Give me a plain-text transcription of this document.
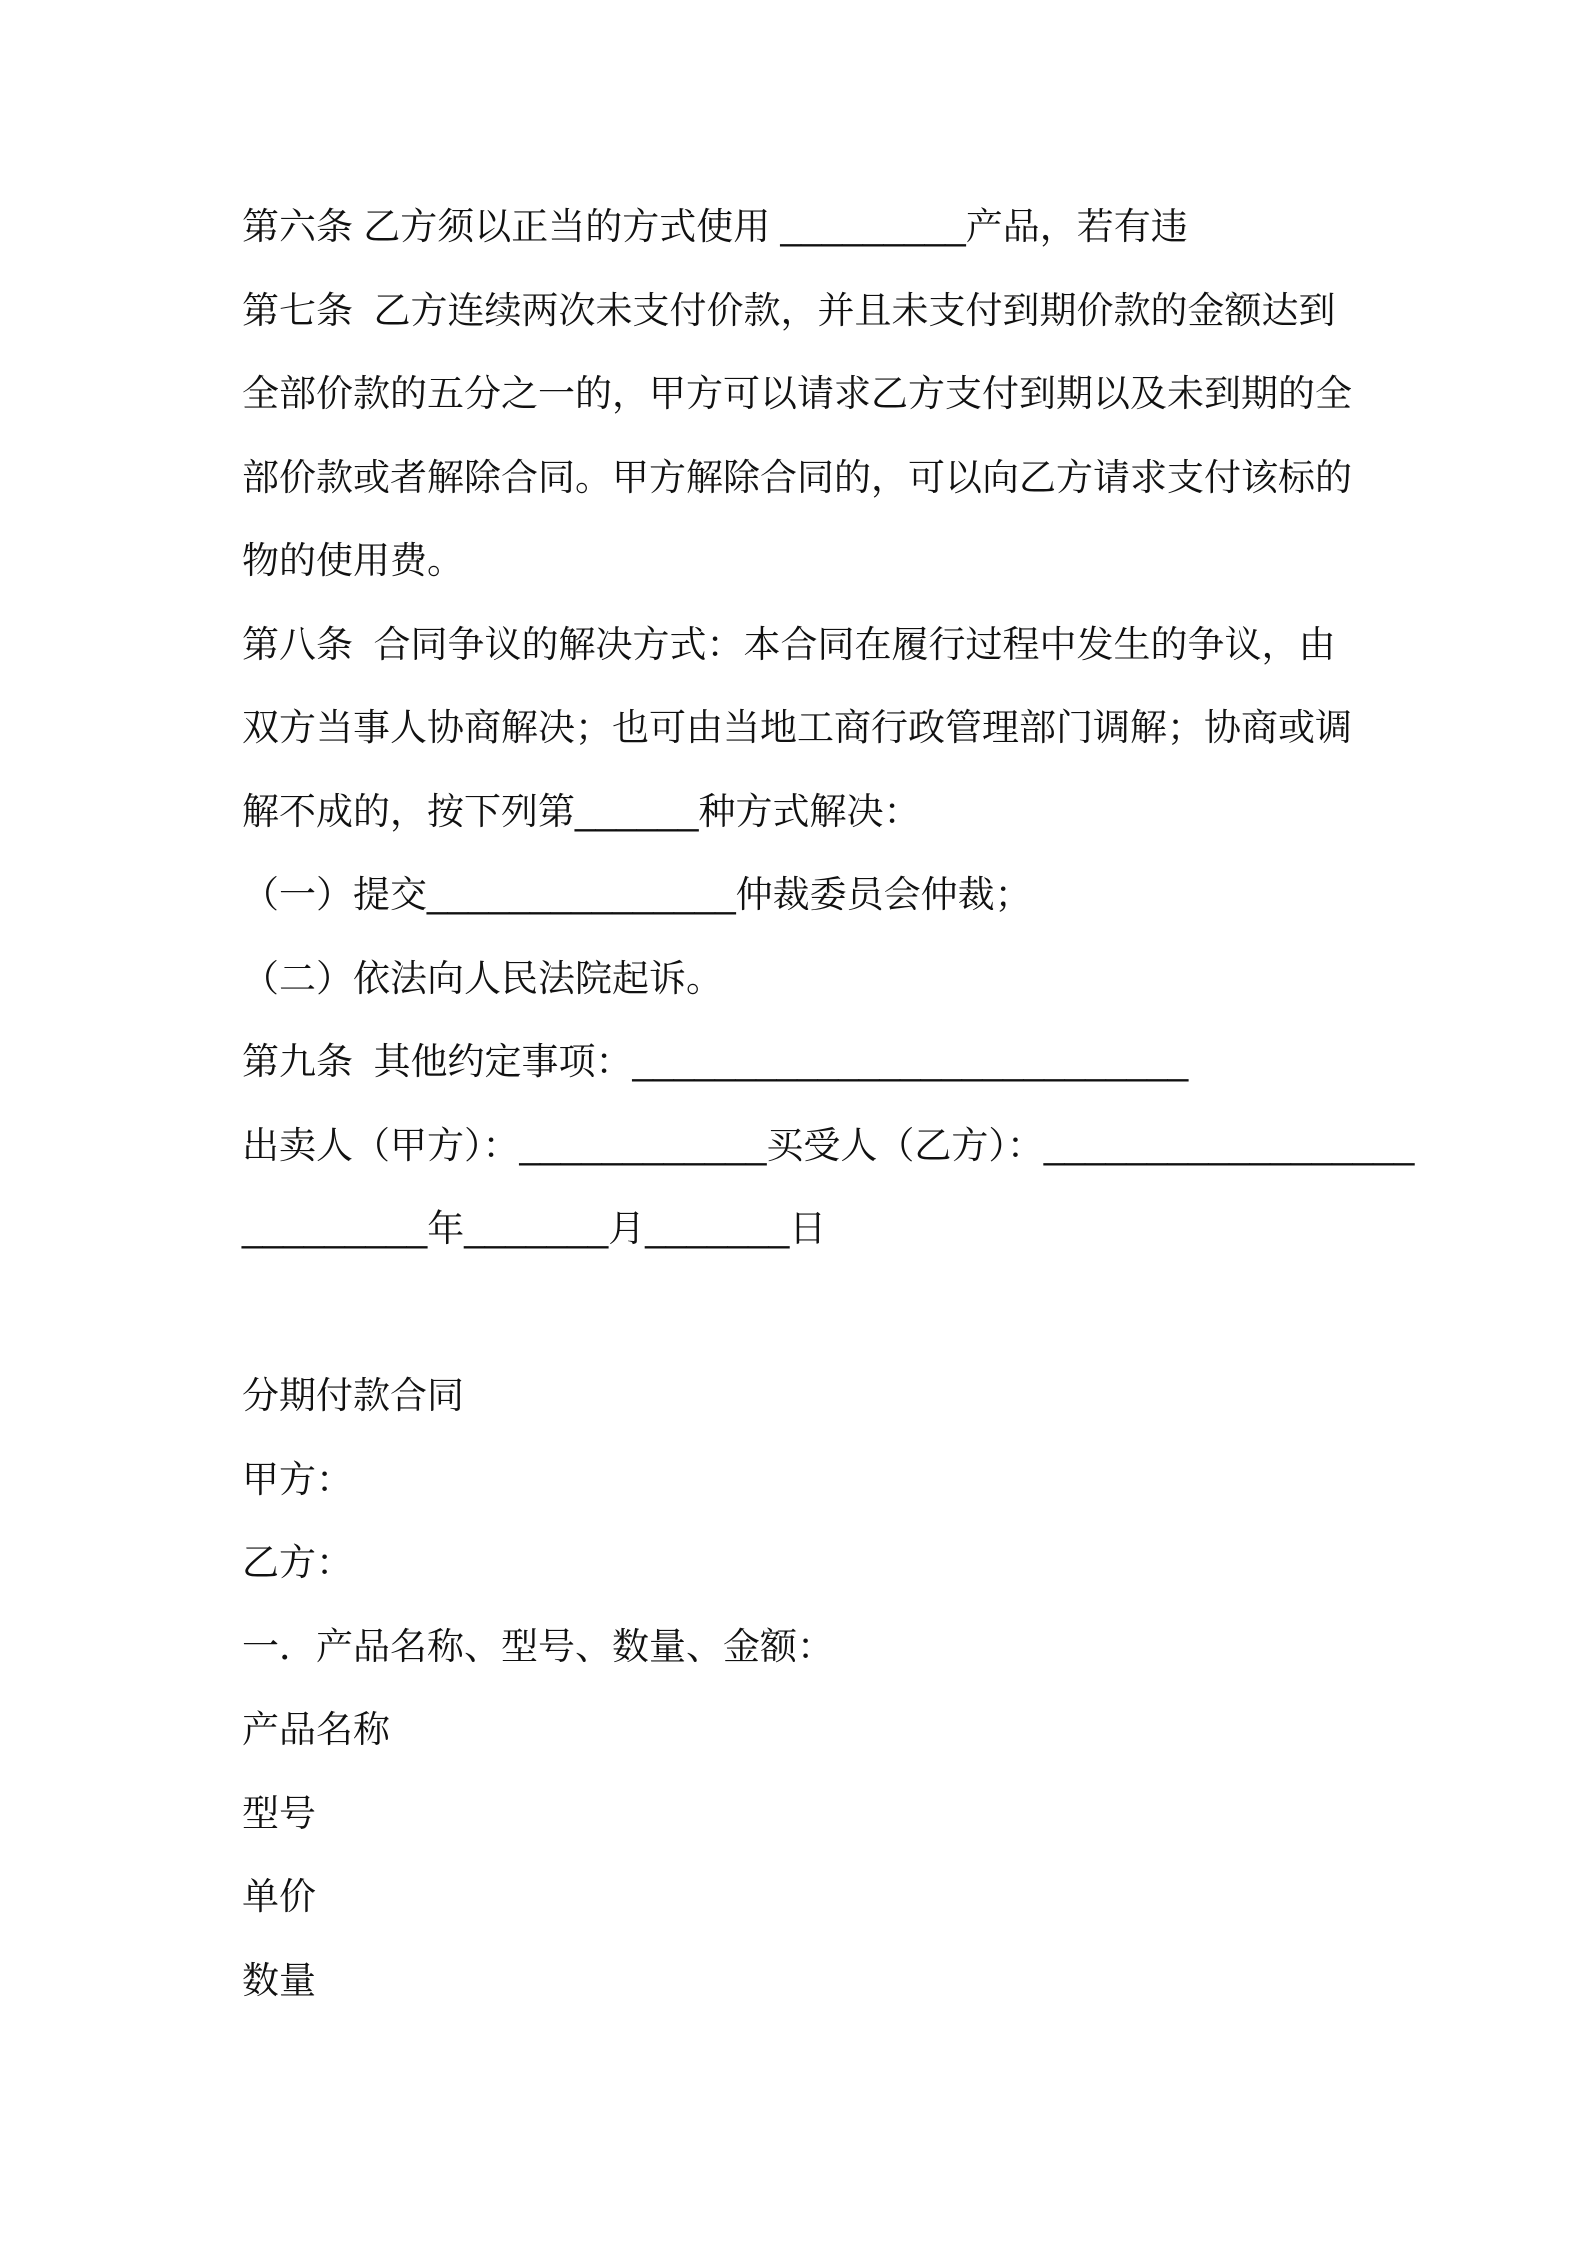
第六条 乙方须以正当的方式使用 _________产品，若有违
第七条  乙方连续两次未支付价款，并且未支付到期价款的金额达到
全部价款的五分之一的，甲方可以请求乙方支付到期以及未到期的全
部价款或者解除合同。甲方解除合同的，可以向乙方请求支付该标的
物的使用费。
第八条  合同争议的解决方式：本合同在履行过程中发生的争议，由
双方当事人协商解决；也可由当地工商行政管理部门调解；协商或调
解不成的，按下列第______种方式解决：
（一）提交_______________仲裁委员会仲裁；
（二）依法向人民法院起诉。
第九条  其他约定事项：___________________________
出卖人（甲方）：____________买受人（乙方）：__________________
_________年_______月_______日
分期付款合同
甲方：
乙方：
一．产品名称、型号、数量、金额：
产品名称
型号
单价
数量
